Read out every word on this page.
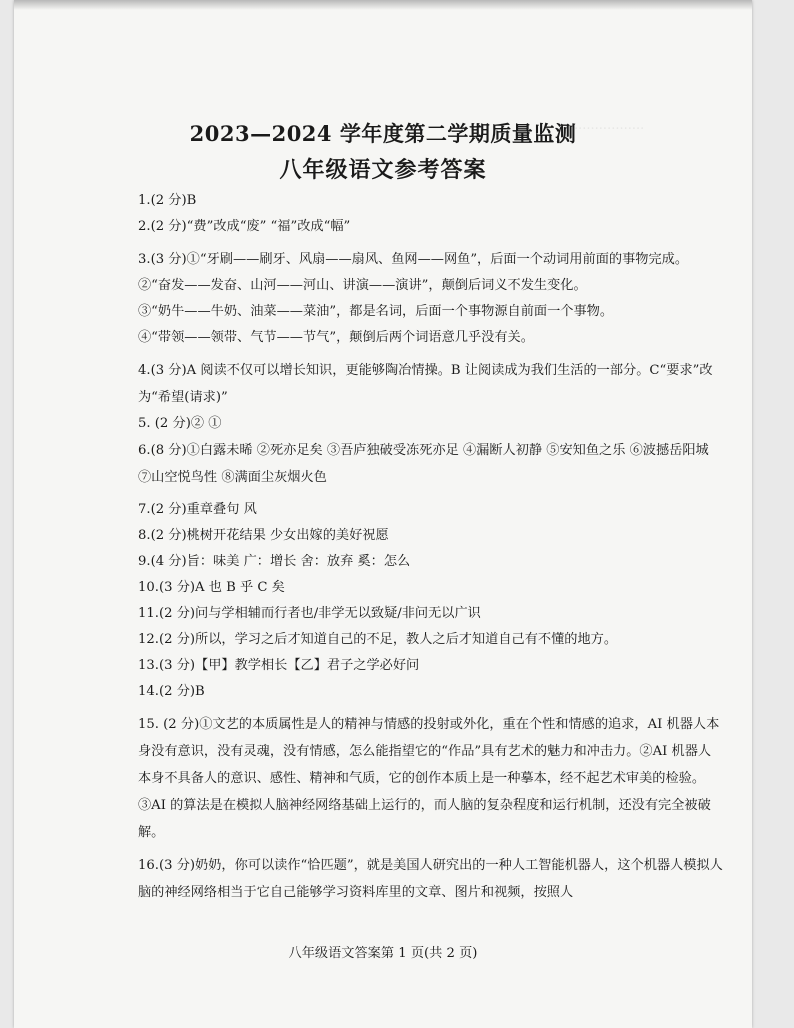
.................
2023—2024 学年度第二学期质量监测
八年级语文参考答案
1.(2 分)B
2.(2 分)“费”改成“废” “福”改成“幅”
3.(3 分)①“牙刷——刷牙、风扇——扇风、鱼网——网鱼”，后面一个动词用前面的事物完成。
②“奋发——发奋、山河——河山、讲演——演讲”，颠倒后词义不发生变化。
③“奶牛——牛奶、油菜——菜油”，都是名词，后面一个事物源自前面一个事物。
④“带领——领带、气节——节气”，颠倒后两个词语意几乎没有关。
4.(3 分)A 阅读不仅可以增长知识，更能够陶冶情操。B 让阅读成为我们生活的一部分。C“要求”改为“希望(请求)”
5. (2 分)② ①
6.(8 分)①白露未晞 ②死亦足矣 ③吾庐独破受冻死亦足 ④漏断人初静 ⑤安知鱼之乐 ⑥波撼岳阳城 ⑦山空悦鸟性 ⑧满面尘灰烟火色
7.(2 分)重章叠句 风
8.(2 分)桃树开花结果 少女出嫁的美好祝愿
9.(4 分)旨：味美 广：增长 舍：放弃 奚：怎么
10.(3 分)A 也 B 乎 C 矣
11.(2 分)问与学相辅而行者也/非学无以致疑/非问无以广识
12.(2 分)所以，学习之后才知道自己的不足，教人之后才知道自己有不懂的地方。
13.(3 分)【甲】教学相长【乙】君子之学必好问
14.(2 分)B
15. (2 分)①文艺的本质属性是人的精神与情感的投射或外化，重在个性和情感的追求，AI 机器人本身没有意识，没有灵魂，没有情感，怎么能指望它的“作品”具有艺术的魅力和冲击力。②AI 机器人本身不具备人的意识、感性、精神和气质，它的创作本质上是一种摹本，经不起艺术审美的检验。③AI 的算法是在模拟人脑神经网络基础上运行的，而人脑的复杂程度和运行机制，还没有完全被破解。
16.(3 分)奶奶，你可以读作“恰匹题”，就是美国人研究出的一种人工智能机器人，这个机器人模拟人脑的神经网络相当于它自己能够学习资料库里的文章、图片和视频，按照人
八年级语文答案第 1 页(共 2 页)
